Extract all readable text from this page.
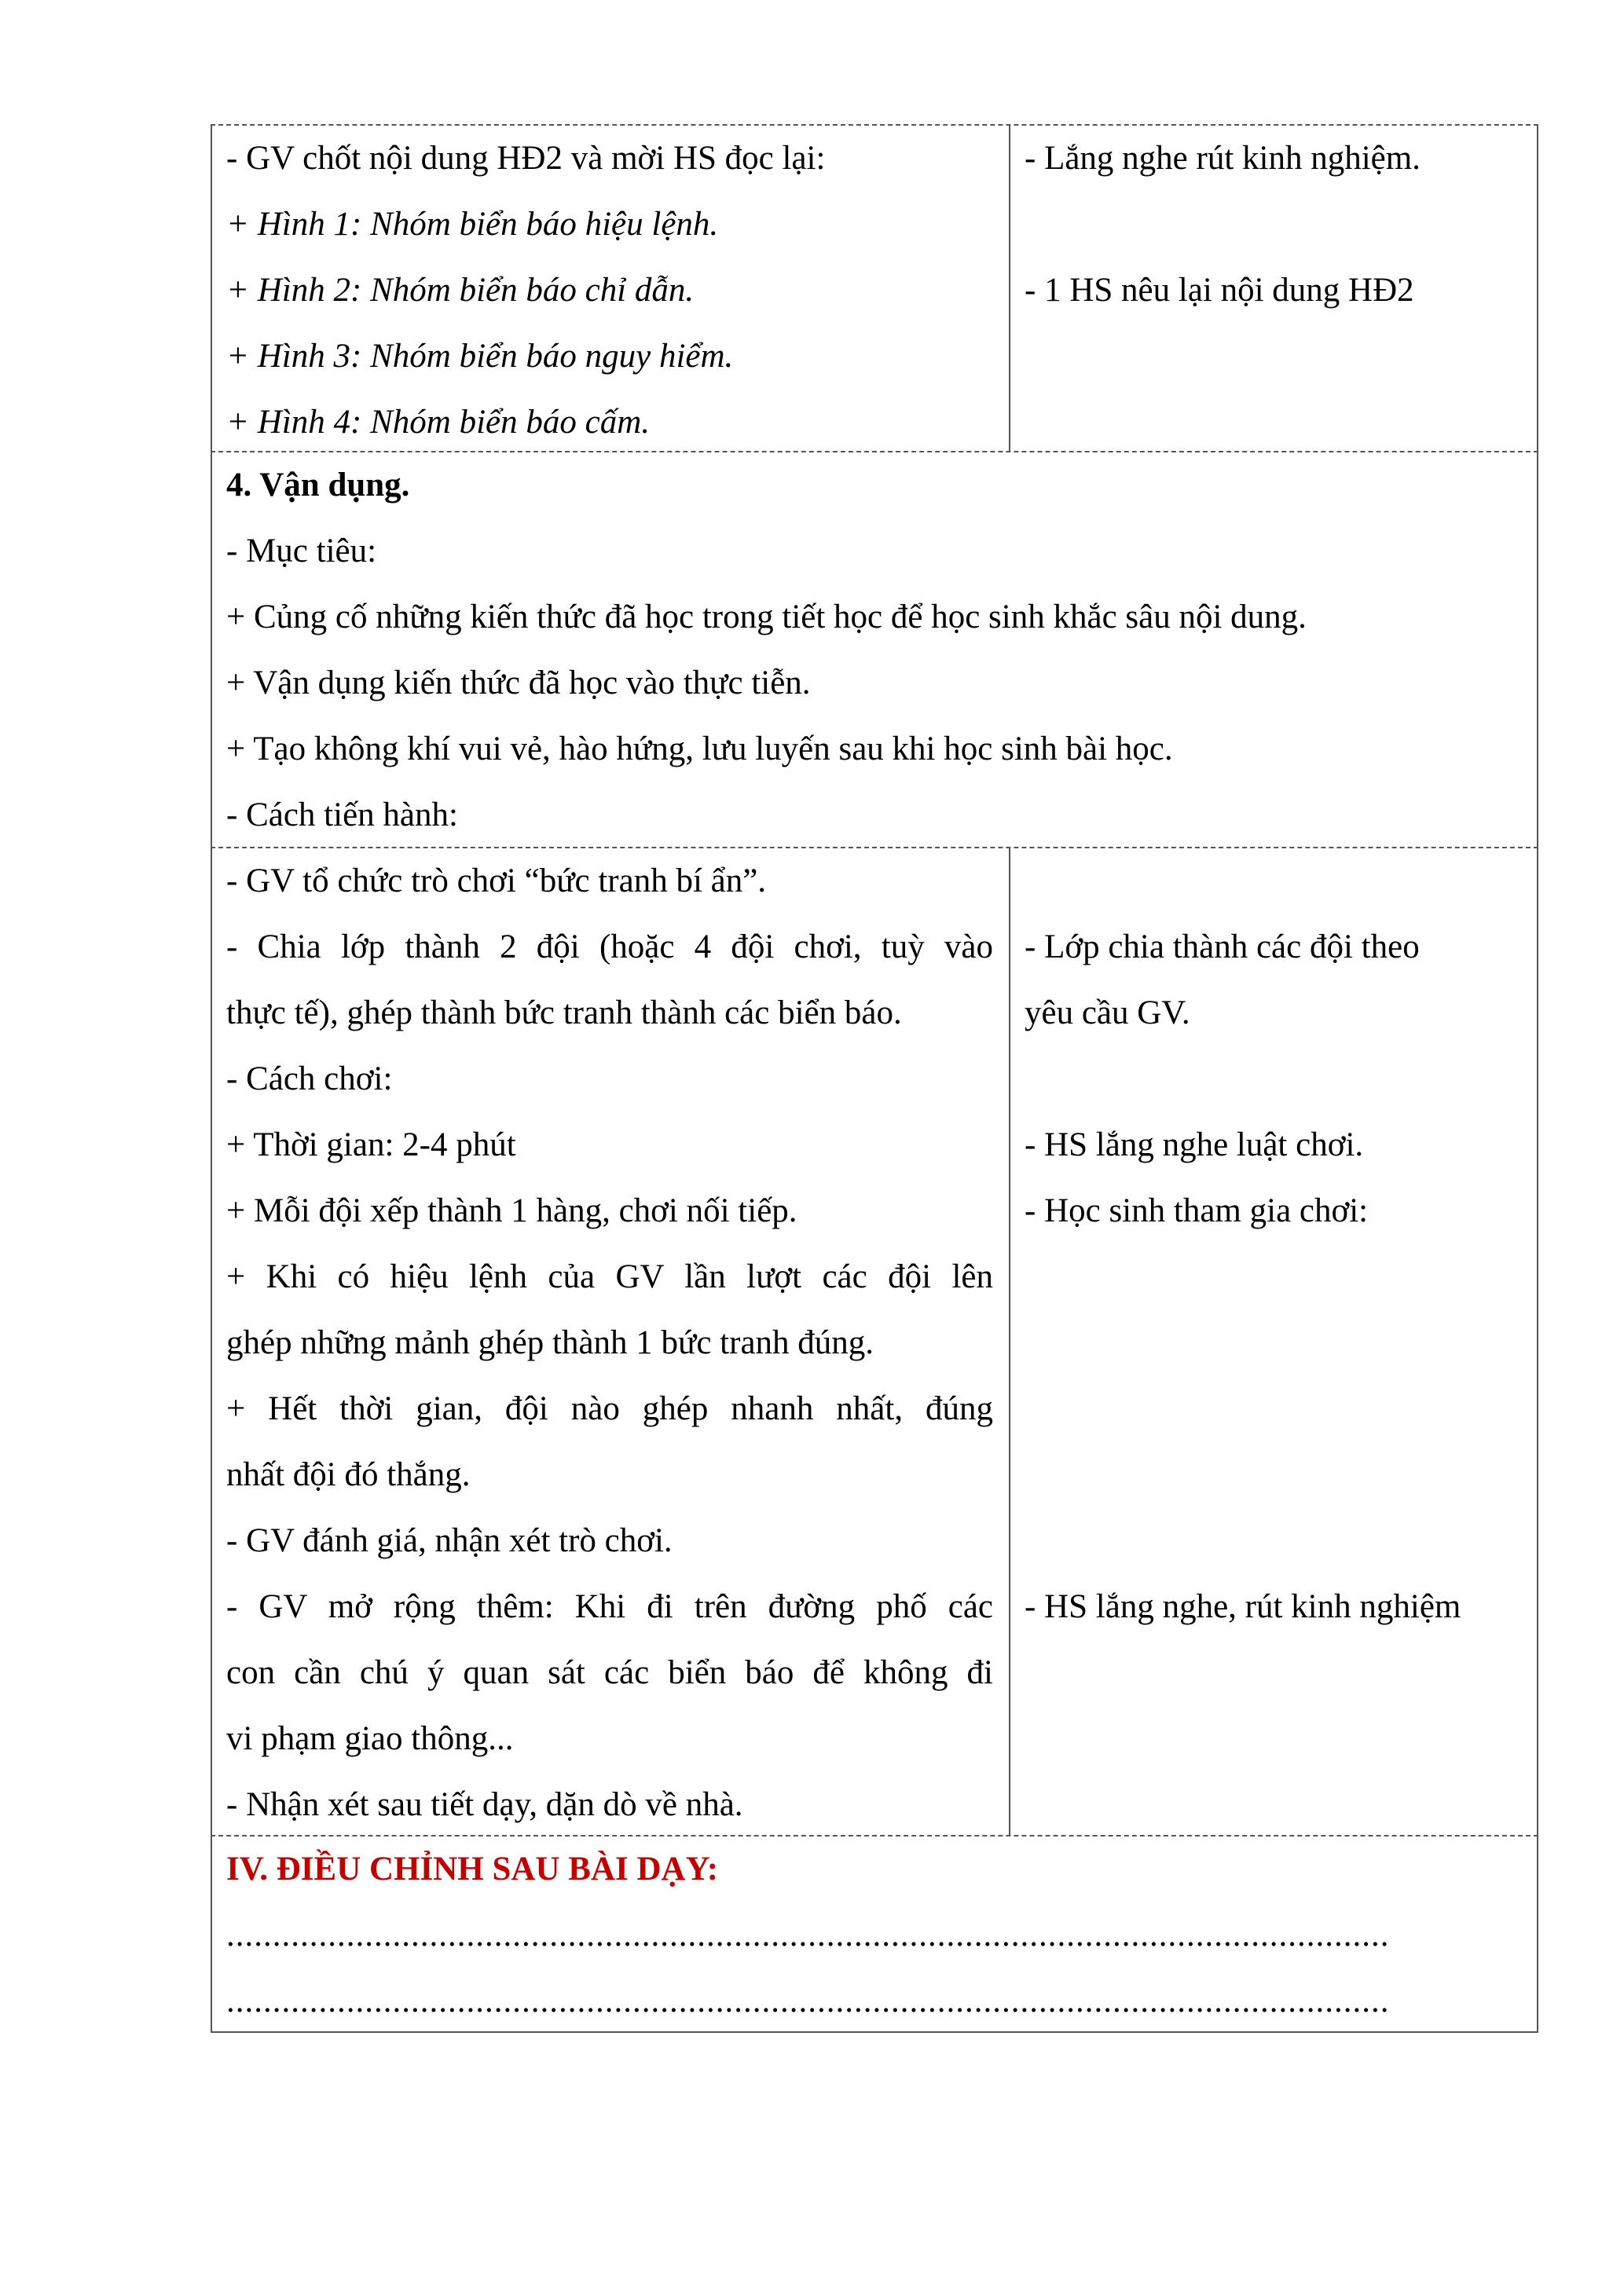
- GV chốt nội dung HĐ2 và mời HS đọc lại:
+ Hình 1: Nhóm biển báo hiệu lệnh.
+ Hình 2: Nhóm biển báo chỉ dẫn.
+ Hình 3: Nhóm biển báo nguy hiểm.
+ Hình 4: Nhóm biển báo cấm.
- Lắng nghe rút kinh nghiệm.
- 1 HS nêu lại nội dung HĐ2
4. Vận dụng.
- Mục tiêu:
+ Củng cố những kiến thức đã học trong tiết học để học sinh khắc sâu nội dung.
+ Vận dụng kiến thức đã học vào thực tiễn.
+ Tạo không khí vui vẻ, hào hứng, lưu luyến sau khi học sinh bài học.
- Cách tiến hành:
- GV tổ chức trò chơi “bức tranh bí ẩn”.
- Chia lớp thành 2 đội (hoặc 4 đội chơi, tuỳ vào
thực tế), ghép thành bức tranh thành các biển báo.
- Cách chơi:
+ Thời gian: 2-4 phút
+ Mỗi đội xếp thành 1 hàng, chơi nối tiếp.
+ Khi có hiệu lệnh của GV lần lượt các đội lên
ghép những mảnh ghép thành 1 bức tranh đúng.
+ Hết thời gian, đội nào ghép nhanh nhất, đúng
nhất đội đó thắng.
- GV đánh giá, nhận xét trò chơi.
- GV mở rộng thêm: Khi đi trên đường phố các
con cần chú ý quan sát các biển báo để không đi
vi phạm giao thông...
- Nhận xét sau tiết dạy, dặn dò về nhà.
- Lớp chia thành các đội theo
yêu cầu GV.
- HS lắng nghe luật chơi.
- Học sinh tham gia chơi:
- HS lắng nghe, rút kinh nghiệm
IV. ĐIỀU CHỈNH SAU BÀI DẠY:
..............................................................................................................................
..............................................................................................................................
